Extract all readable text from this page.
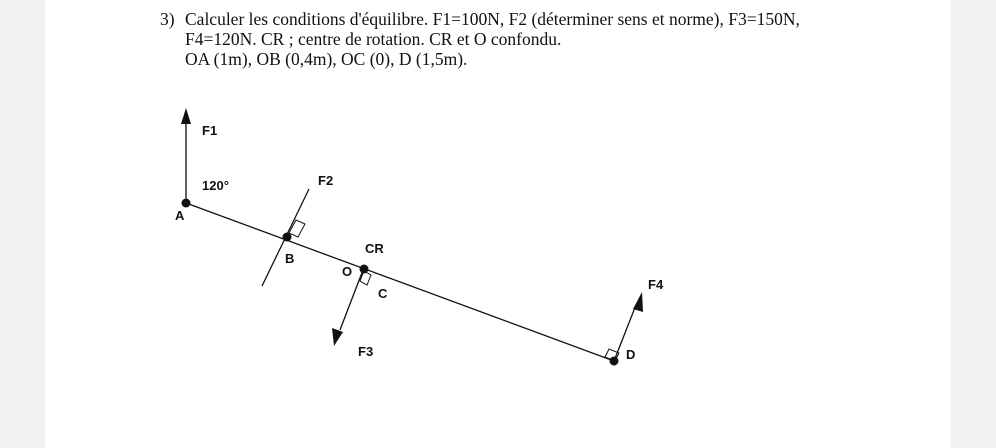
3) Calculer les conditions d'équilibre. F1=100N, F2 (déterminer sens et norme), F3=150N,
F4=120N. CR ; centre de rotation. CR et O confondu.
OA (1m), OB (0,4m), OC (0), D (1,5m).
F1
120°
A
F2
B
CR
O
C
F3
F4
D
